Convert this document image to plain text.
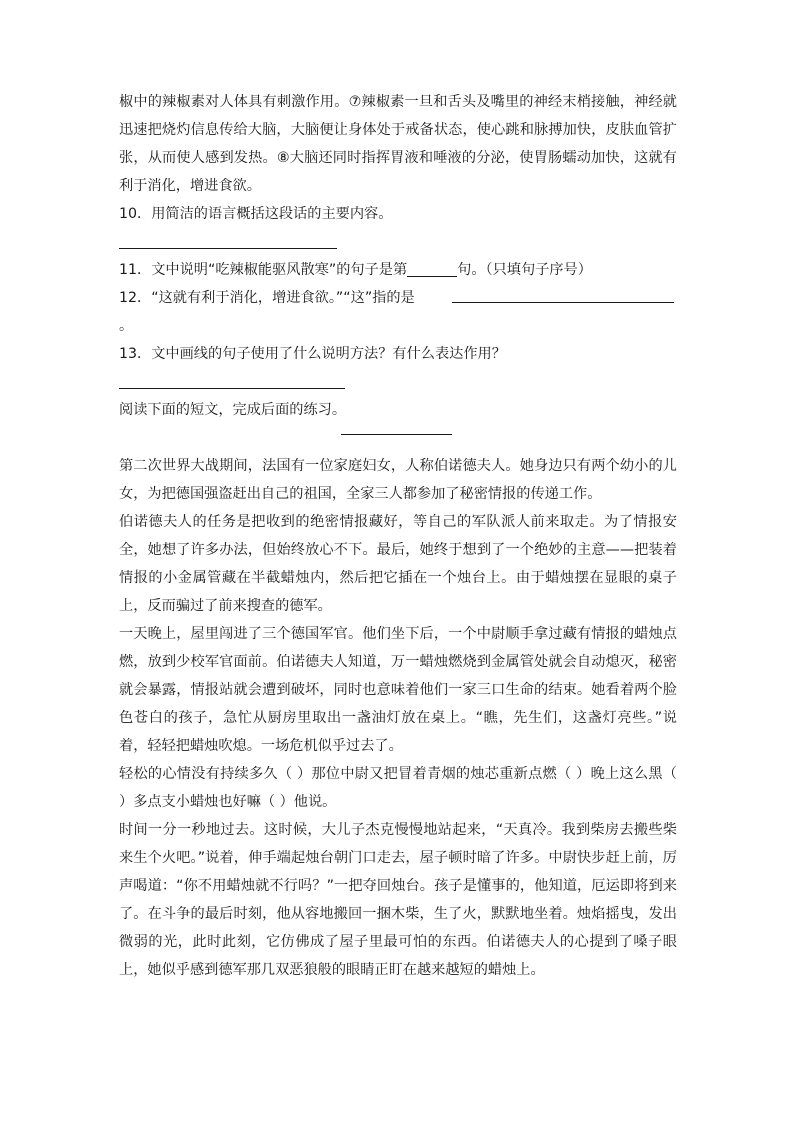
椒中的辣椒素对人体具有刺激作用。⑦辣椒素一旦和舌头及嘴里的神经末梢接触，神经就迅速把烧灼信息传给大脑，大脑便让身体处于戒备状态，使心跳和脉搏加快，皮肤血管扩张，从而使人感到发热。⑧大脑还同时指挥胃液和唾液的分泌，使胃肠蠕动加快，这就有利于消化，增进食欲。

10．用简洁的语言概括这段话的主要内容。

11．文中说明“吃辣椒能驱风散寒”的句子是第	句。（只填句子序号）

12．“这就有利于消化，增进食欲。”“这”指的是

。

13．文中画线的句子使用了什么说明方法？有什么表达作用？

阅读下面的短文，完成后面的练习。

第二次世界大战期间，法国有一位家庭妇女，人称伯诺德夫人。她身边只有两个幼小的儿女，为把德国强盗赶出自己的祖国，全家三人都参加了秘密情报的传递工作。

伯诺德夫人的任务是把收到的绝密情报藏好，等自己的军队派人前来取走。为了情报安全，她想了许多办法，但始终放心不下。最后，她终于想到了一个绝妙的主意——把装着情报的小金属管藏在半截蜡烛内，然后把它插在一个烛台上。由于蜡烛摆在显眼的桌子上，反而骗过了前来搜查的德军。

一天晚上，屋里闯进了三个德国军官。他们坐下后，一个中尉顺手拿过藏有情报的蜡烛点燃，放到少校军官面前。伯诺德夫人知道，万一蜡烛燃烧到金属管处就会自动熄灭，秘密就会暴露，情报站就会遭到破坏，同时也意味着他们一家三口生命的结束。她看着两个脸色苍白的孩子，急忙从厨房里取出一盏油灯放在桌上。“瞧，先生们，这盏灯亮些。”说着，轻轻把蜡烛吹熄。一场危机似乎过去了。

轻松的心情没有持续多久（ ）那位中尉又把冒着青烟的烛芯重新点燃（ ）晚上这么黑（ ）多点支小蜡烛也好嘛（ ）他说。

时间一分一秒地过去。这时候，大儿子杰克慢慢地站起来，“天真冷。我到柴房去搬些柴来生个火吧。”说着，伸手端起烛台朝门口走去，屋子顿时暗了许多。中尉快步赶上前，厉声喝道：“你不用蜡烛就不行吗？”一把夺回烛台。孩子是懂事的，他知道，厄运即将到来了。在斗争的最后时刻，他从容地搬回一捆木柴，生了火，默默地坐着。烛焰摇曳，发出微弱的光，此时此刻，它仿佛成了屋子里最可怕的东西。伯诺德夫人的心提到了嗓子眼上，她似乎感到德军那几双恶狼般的眼睛正盯在越来越短的蜡烛上。
